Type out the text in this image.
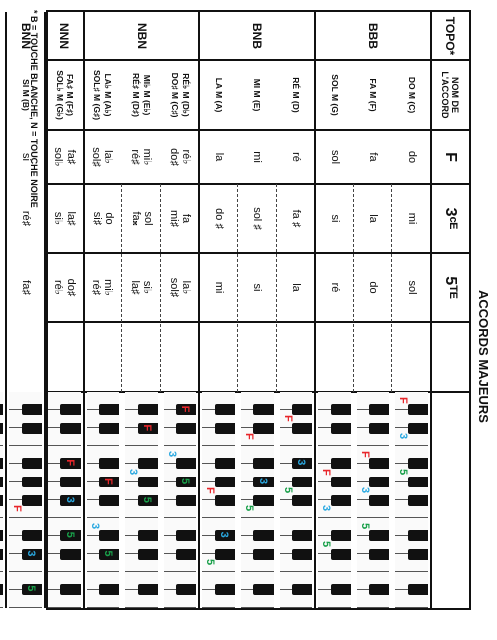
ACCORDS MAJEURS
TOPO*
NOM DE
L'ACCORD
F
3ᶜᴱ
5ᵀᴱ
DO M (C)
do
mi
sol
F
3
5
FA M (F)
fa
la
do
F
3
5
SOL M (G)
sol
si
ré
F
3
5
BBB
RÉ M (D)
ré
fa ♯
la
F
3
5
MI M (E)
mi
sol ♯
si
F
3
5
LA M (A)
la
do ♯
mi
F
3
5
BNB
RÉ♭ M (D♭)
DO♯ M (C♯)
ré♭
do♯
fa
mi♯
la♭
sol♯
F
3
5
MI♭ M (E♭)
RÉ♯ M (D♯)
mi♭
ré♯
sol
fa𝄪
si♭
la♯
F
3
5
LA♭ M (A♭)
SOL♯ M (G♯)
la♭
sol♯
do
si♯
mi♭
ré♯
F
3
5
NBN
FA♯ M (F♯)
SOL♭ M (G♭)
fa♯
sol♭
la♯
si♭
do♯
ré♭
F
3
5
NNN
SI M (B)
si
ré♯
fa♯
F
3
5
BNN
* B = TOUCHE BLANCHE, N = TOUCHE NOIRE
